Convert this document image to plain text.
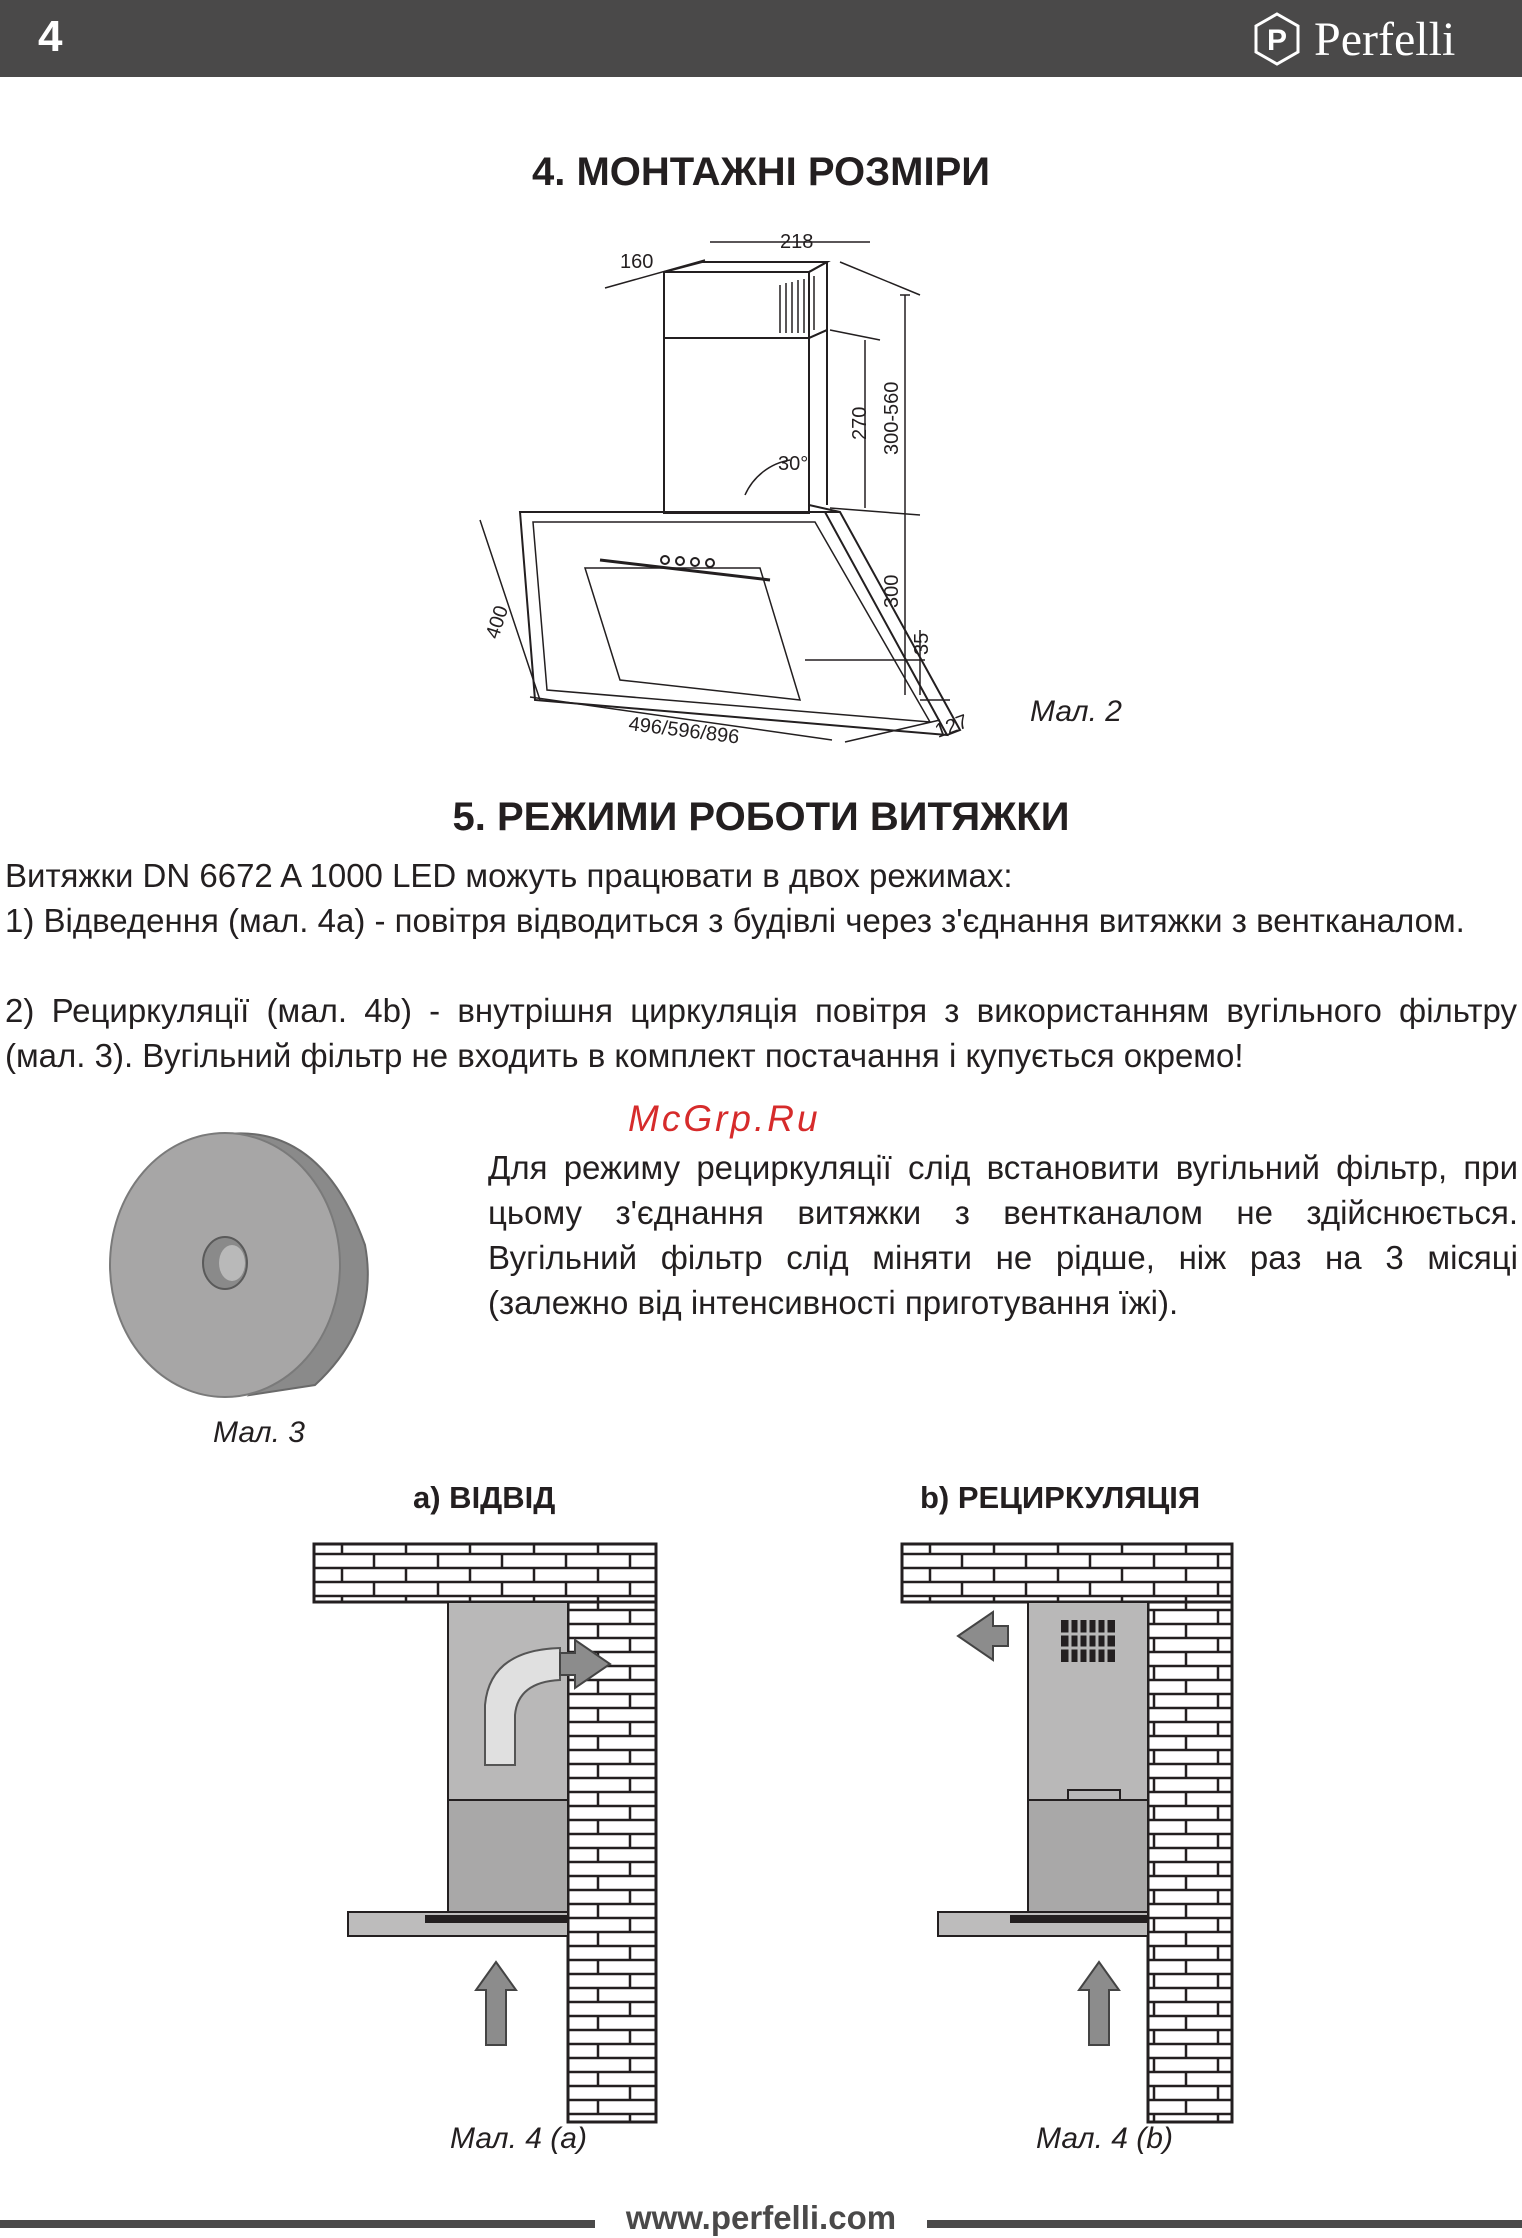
4	P Perfelli
4. МОНТАЖНІ РОЗМІРИ
218
160
270 300-560
30°
400
300
35
496/596/896	127 Мал. 2
5. РЕЖИМИ РОБОТИ ВИТЯЖКИ
Витяжки DN 6672 A 1000 LED можуть працювати в двох режимах:
1) Відведення (мал. 4а) - повітря відводиться з будівлі через з'єднання витяжки з вентканалом.
2) Рециркуляції (мал. 4b) - внутрішня циркуляція повітря з використанням вугільного фільтру (мал. 3). Вугільний фільтр не входить в комплект постачання і купується окремо!
McGrp.Ru
Мал. 3
Для режиму рециркуляції слід встановити вугільний фільтр, при цьому з'єднання витяжки з вентканалом не здійснюється. Вугільний фільтр слід міняти не рідше, ніж раз на 3 місяці (залежно від інтенсивності приготування їжі).
а) ВІДВІД	b) РЕЦИРКУЛЯЦІЯ
Мал. 4 (а)	Мал. 4 (b)
www.perfelli.com
